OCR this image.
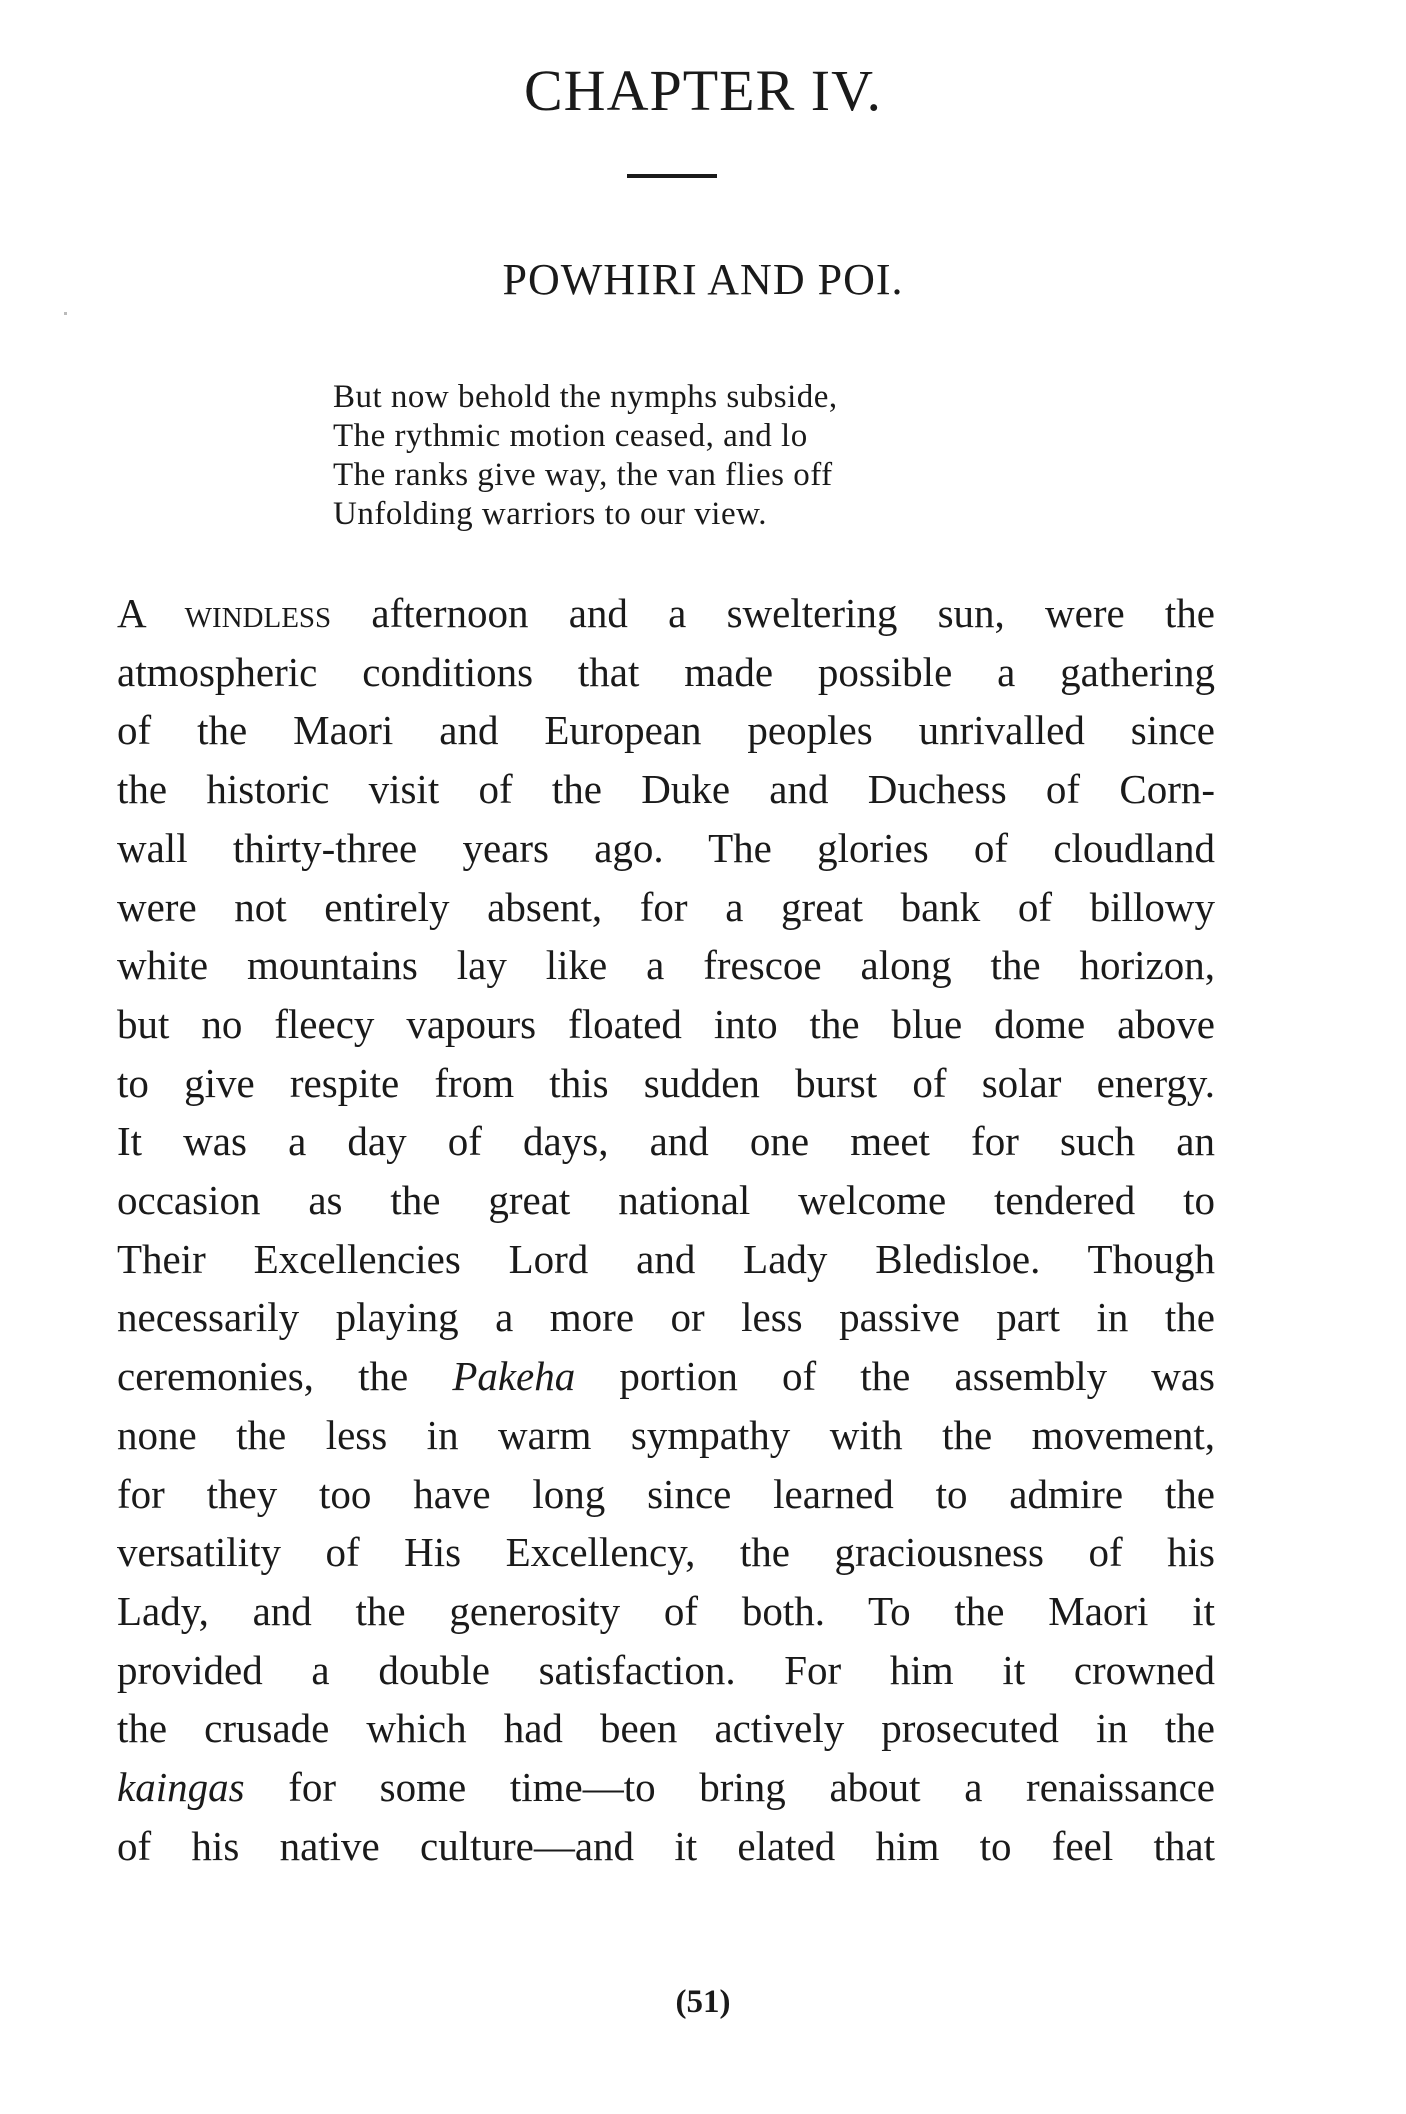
CHAPTER IV.
POWHIRI AND POI.
But now behold the nymphs subside,
The rythmic motion ceased, and lo
The ranks give way, the van flies off
Unfolding warriors to our view.
A windless afternoon and a sweltering sun, were the
atmospheric conditions that made possible a gathering
of the Maori and European peoples unrivalled since
the historic visit of the Duke and Duchess of Corn-
wall thirty-three years ago. The glories of cloudland
were not entirely absent, for a great bank of billowy
white mountains lay like a frescoe along the horizon,
but no fleecy vapours floated into the blue dome above
to give respite from this sudden burst of solar energy.
It was a day of days, and one meet for such an
occasion as the great national welcome tendered to
Their Excellencies Lord and Lady Bledisloe. Though
necessarily playing a more or less passive part in the
ceremonies, the Pakeha portion of the assembly was
none the less in warm sympathy with the movement,
for they too have long since learned to admire the
versatility of His Excellency, the graciousness of his
Lady, and the generosity of both. To the Maori it
provided a double satisfaction. For him it crowned
the crusade which had been actively prosecuted in the
kaingas for some time—to bring about a renaissance
of his native culture—and it elated him to feel that

(51)
